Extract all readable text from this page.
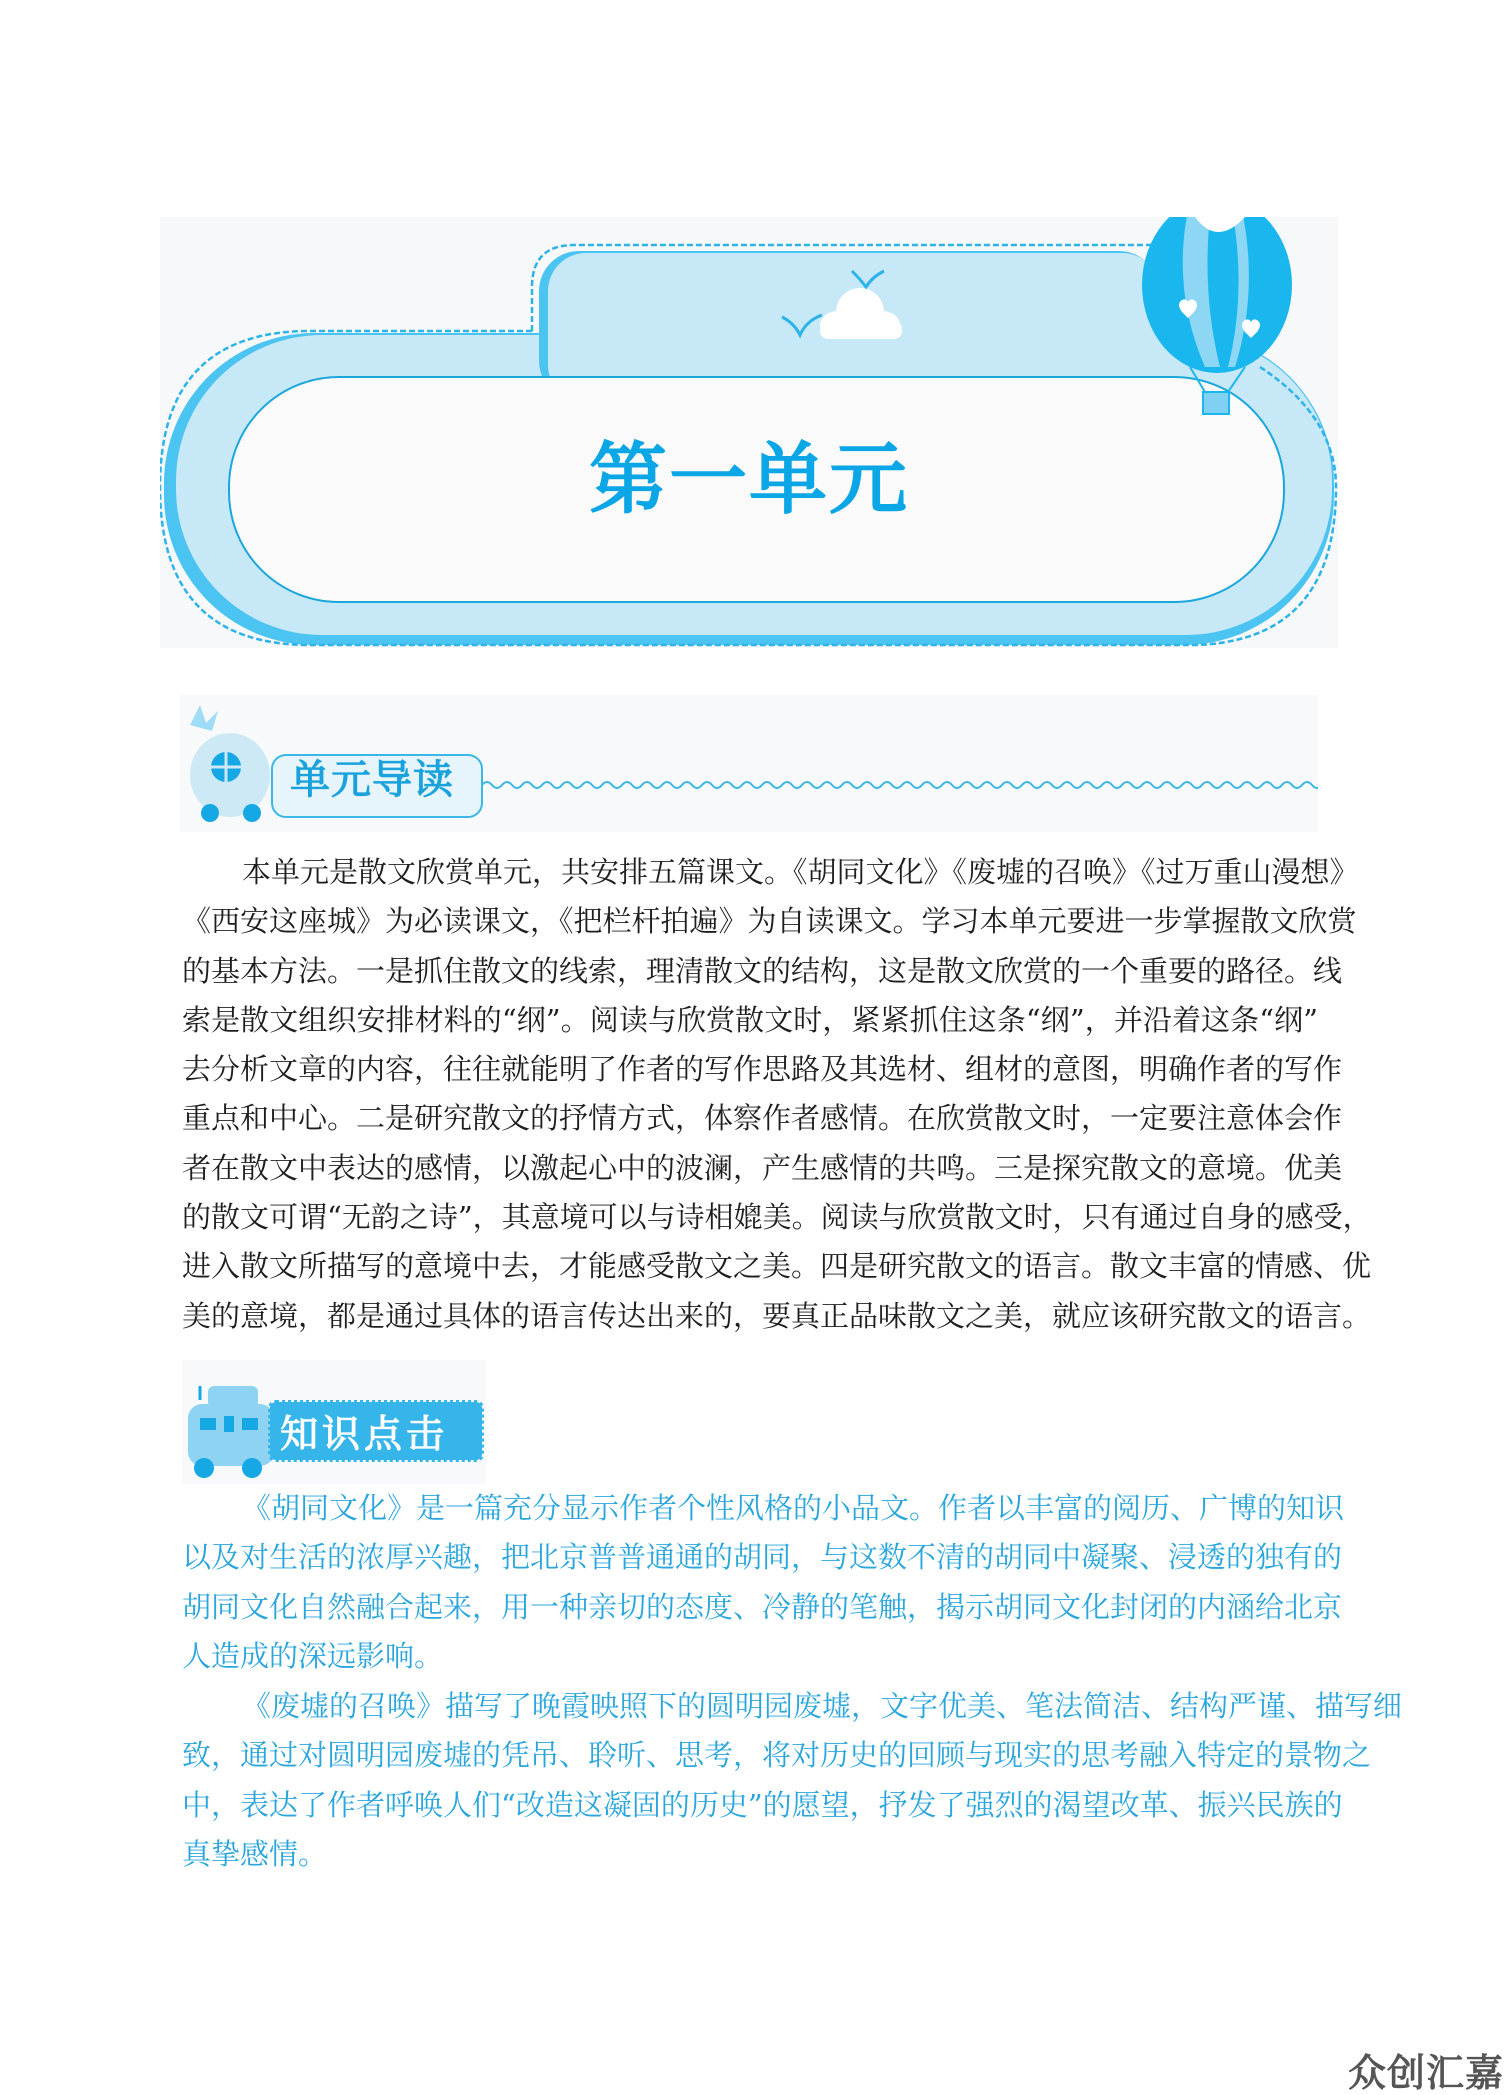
第一单元
单元导读
本单元是散文欣赏单元，共安排五篇课文。《胡同文化》《废墟的召唤》《过万重山漫想》
《西安这座城》为必读课文，《把栏杆拍遍》为自读课文。学习本单元要进一步掌握散文欣赏
的基本方法。一是抓住散文的线索，理清散文的结构，这是散文欣赏的一个重要的路径。线
索是散文组织安排材料的“纲”。阅读与欣赏散文时，紧紧抓住这条“纲”，并沿着这条“纲”
去分析文章的内容，往往就能明了作者的写作思路及其选材、组材的意图，明确作者的写作
重点和中心。二是研究散文的抒情方式，体察作者感情。在欣赏散文时，一定要注意体会作
者在散文中表达的感情，以激起心中的波澜，产生感情的共鸣。三是探究散文的意境。优美
的散文可谓“无韵之诗”，其意境可以与诗相媲美。阅读与欣赏散文时，只有通过自身的感受，
进入散文所描写的意境中去，才能感受散文之美。四是研究散文的语言。散文丰富的情感、优
美的意境，都是通过具体的语言传达出来的，要真正品味散文之美，就应该研究散文的语言。
知识点击
《胡同文化》是一篇充分显示作者个性风格的小品文。作者以丰富的阅历、广博的知识
以及对生活的浓厚兴趣，把北京普普通通的胡同，与这数不清的胡同中凝聚、浸透的独有的
胡同文化自然融合起来，用一种亲切的态度、冷静的笔触，揭示胡同文化封闭的内涵给北京
人造成的深远影响。
《废墟的召唤》描写了晚霞映照下的圆明园废墟，文字优美、笔法简洁、结构严谨、描写细
致，通过对圆明园废墟的凭吊、聆听、思考，将对历史的回顾与现实的思考融入特定的景物之
中，表达了作者呼唤人们“改造这凝固的历史”的愿望，抒发了强烈的渴望改革、振兴民族的
真挚感情。
众创汇嘉
